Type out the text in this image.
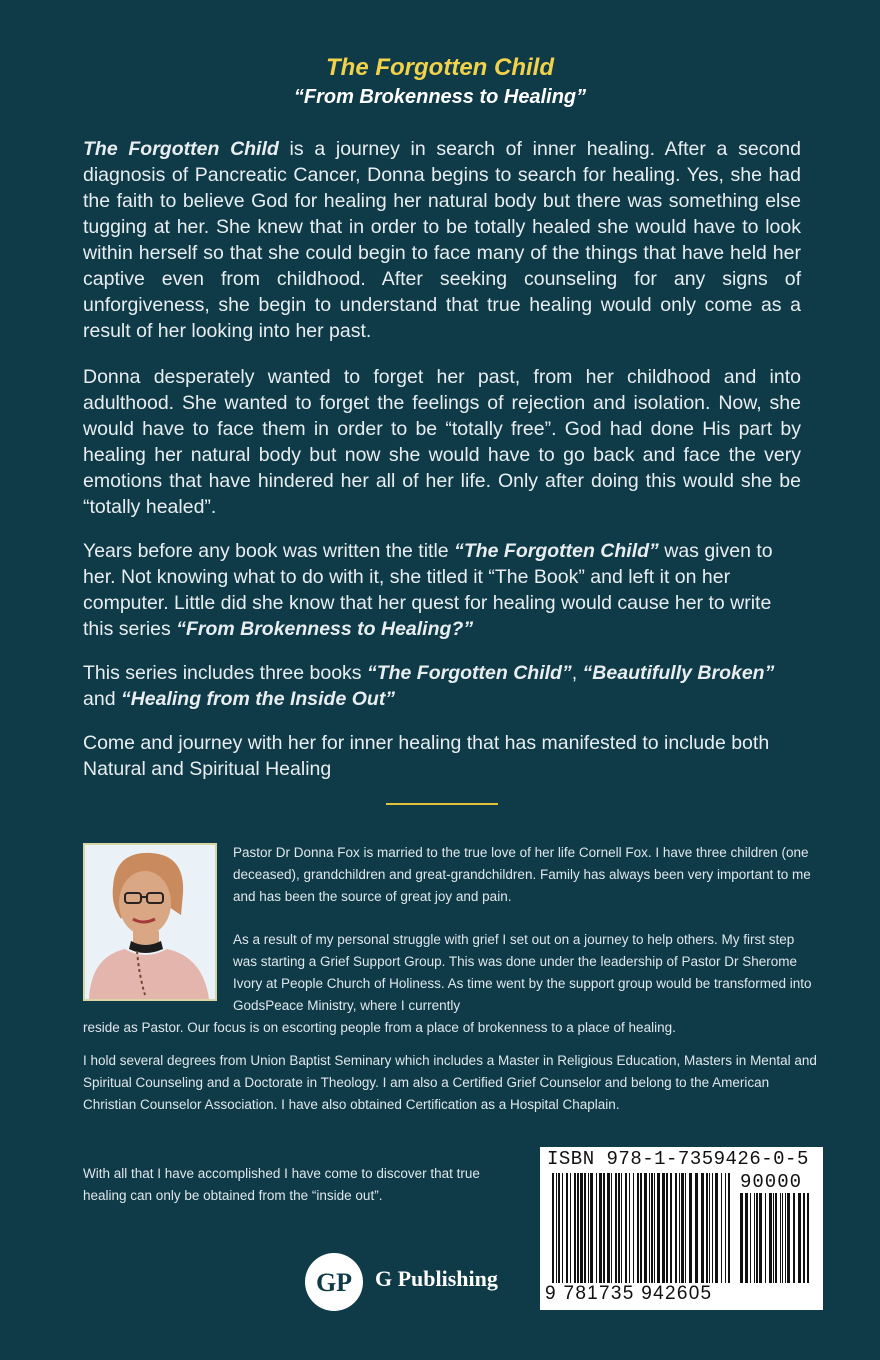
The Forgotten Child
“From Brokenness to Healing”
The Forgotten Child is a journey in search of inner healing. After a second diagnosis of Pancreatic Cancer, Donna begins to search for healing. Yes, she had the faith to believe God for healing her natural body but there was something else tugging at her. She knew that in order to be totally healed she would have to look within herself so that she could begin to face many of the things that have held her captive even from childhood. After seeking counseling for any signs of unforgiveness, she begin to understand that true healing would only come as a result of her looking into her past.
Donna desperately wanted to forget her past, from her childhood and into adulthood. She wanted to forget the feelings of rejection and isolation. Now, she would have to face them in order to be “totally free”. God had done His part by healing her natural body but now she would have to go back and face the very emotions that have hindered her all of her life. Only after doing this would she be “totally healed”.
Years before any book was written the title “The Forgotten Child” was given to her. Not knowing what to do with it, she titled it “The Book” and left it on her computer. Little did she know that her quest for healing would cause her to write this series “From Brokenness to Healing?”
This series includes three books “The Forgotten Child”, “Beautifully Broken” and “Healing from the Inside Out”
Come and journey with her for inner healing that has manifested to include both Natural and Spiritual Healing
Pastor Dr Donna Fox is married to the true love of her life Cornell Fox. I have three children (one deceased), grandchildren and great-grandchildren. Family has always been very important to me and has been the source of great joy and pain.
As a result of my personal struggle with grief I set out on a journey to help others. My first step was starting a Grief Support Group. This was done under the leadership of Pastor Dr Sherome Ivory at People Church of Holiness. As time went by the support group would be transformed into GodsPeace Ministry, where I currently
reside as Pastor. Our focus is on escorting people from a place of brokenness to a place of healing.
I hold several degrees from Union Baptist Seminary which includes a Master in Religious Education, Masters in Mental and Spiritual Counseling and a Doctorate in Theology. I am also a Certified Grief Counselor and belong to the American Christian Counselor Association. I have also obtained Certification as a Hospital Chaplain.
With all that I have accomplished I have come to discover that true healing can only be obtained from the “inside out”.
GP G Publishing
ISBN 978-1-7359426-0-5
90000
9 781735 942605
